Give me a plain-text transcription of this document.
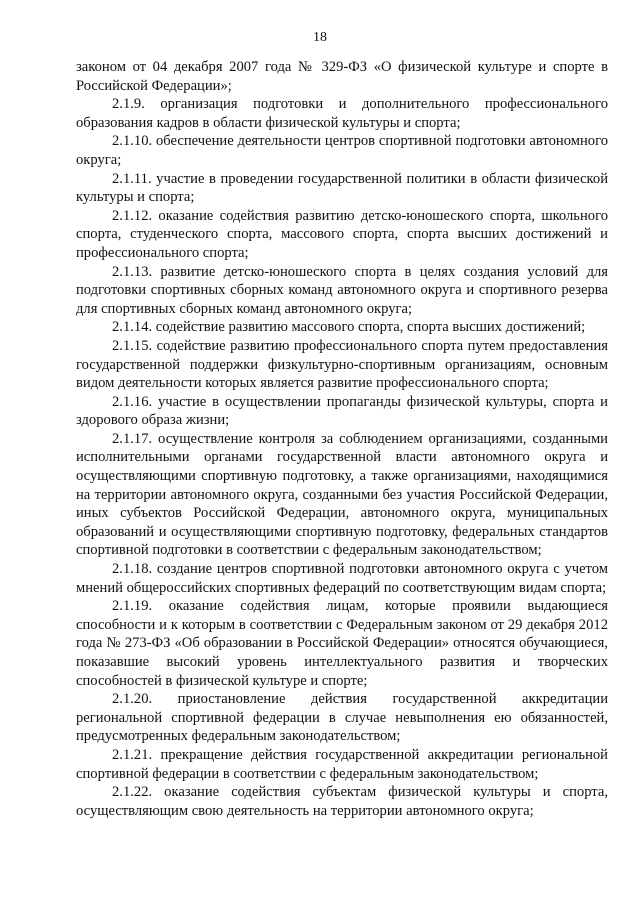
18

законом от 04 декабря 2007 года № 329-ФЗ «О физической культуре и спорте в Российской Федерации»;

2.1.9. организация подготовки и дополнительного профессионального образования кадров в области физической культуры и спорта;

2.1.10. обеспечение деятельности центров спортивной подготовки автономного округа;

2.1.11. участие в проведении государственной политики в области физической культуры и спорта;

2.1.12. оказание содействия развитию детско-юношеского спорта, школьного спорта, студенческого спорта, массового спорта, спорта высших достижений и профессионального спорта;

2.1.13. развитие детско-юношеского спорта в целях создания условий для подготовки спортивных сборных команд автономного округа и спортивного резерва для спортивных сборных команд автономного округа;

2.1.14. содействие развитию массового спорта, спорта высших достижений;

2.1.15. содействие развитию профессионального спорта путем предоставления государственной поддержки физкультурно-спортивным организациям, основным видом деятельности которых является развитие профессионального спорта;

2.1.16. участие в осуществлении пропаганды физической культуры, спорта и здорового образа жизни;

2.1.17. осуществление контроля за соблюдением организациями, созданными исполнительными органами государственной власти автономного округа и осуществляющими спортивную подготовку, а также организациями, находящимися на территории автономного округа, созданными без участия Российской Федерации, иных субъектов Российской Федерации, автономного округа, муниципальных образований и осуществляющими спортивную подготовку, федеральных стандартов спортивной подготовки в соответствии с федеральным законодательством;

2.1.18. создание центров спортивной подготовки автономного округа с учетом мнений общероссийских спортивных федераций по соответствующим видам спорта;

2.1.19. оказание содействия лицам, которые проявили выдающиеся способности и к которым в соответствии с Федеральным законом от 29 декабря 2012 года № 273-ФЗ «Об образовании в Российской Федерации» относятся обучающиеся, показавшие высокий уровень интеллектуального развития и творческих способностей в физической культуре и спорте;

2.1.20. приостановление действия государственной аккредитации региональной спортивной федерации в случае невыполнения ею обязанностей, предусмотренных федеральным законодательством;

2.1.21. прекращение действия государственной аккредитации региональной спортивной федерации в соответствии с федеральным законодательством;

2.1.22. оказание содействия субъектам физической культуры и спорта, осуществляющим свою деятельность на территории автономного округа;
